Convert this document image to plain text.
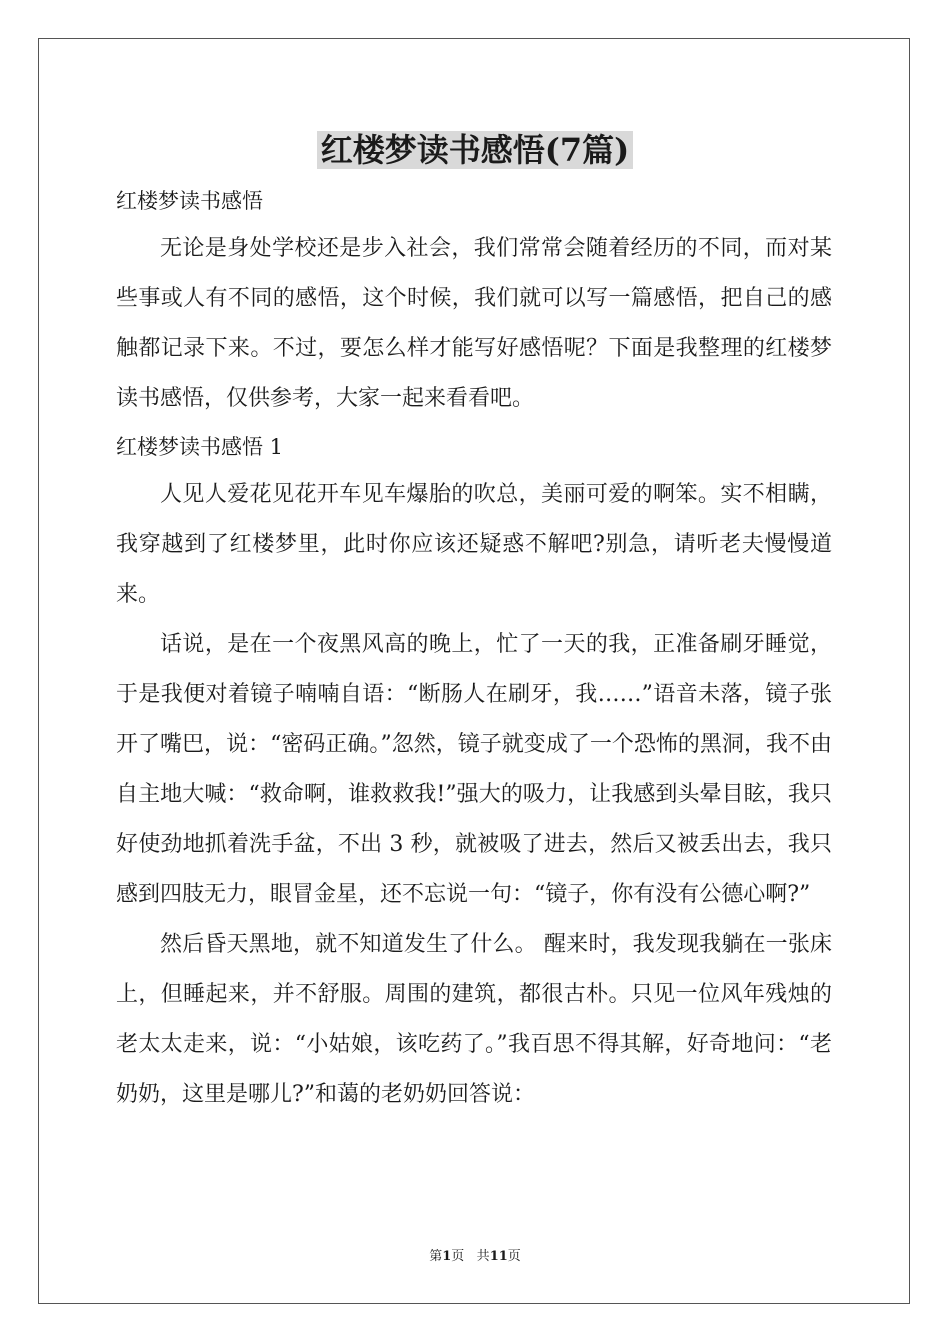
红楼梦读书感悟(7篇)

红楼梦读书感悟

无论是身处学校还是步入社会，我们常常会随着经历的不同，而对某些事或人有不同的感悟，这个时候，我们就可以写一篇感悟，把自己的感触都记录下来。不过，要怎么样才能写好感悟呢？下面是我整理的红楼梦读书感悟，仅供参考，大家一起来看看吧。

红楼梦读书感悟 1

人见人爱花见花开车见车爆胎的吹总，美丽可爱的啊笨。实不相瞒，我穿越到了红楼梦里，此时你应该还疑惑不解吧?别急，请听老夫慢慢道来。

话说，是在一个夜黑风高的晚上，忙了一天的我，正准备刷牙睡觉，于是我便对着镜子喃喃自语：“断肠人在刷牙，我……”语音未落，镜子张开了嘴巴，说：“密码正确。”忽然，镜子就变成了一个恐怖的黑洞，我不由自主地大喊：“救命啊，谁救救我!”强大的吸力，让我感到头晕目眩，我只好使劲地抓着洗手盆，不出 3 秒，就被吸了进去，然后又被丢出去，我只感到四肢无力，眼冒金星，还不忘说一句：“镜子，你有没有公德心啊?”

然后昏天黑地，就不知道发生了什么。 醒来时，我发现我躺在一张床上，但睡起来，并不舒服。周围的建筑，都很古朴。只见一位风年残烛的老太太走来，说：“小姑娘，该吃药了。”我百思不得其解，好奇地问：“老奶奶，这里是哪儿?”和蔼的老奶奶回答说：

第1页 共11页
